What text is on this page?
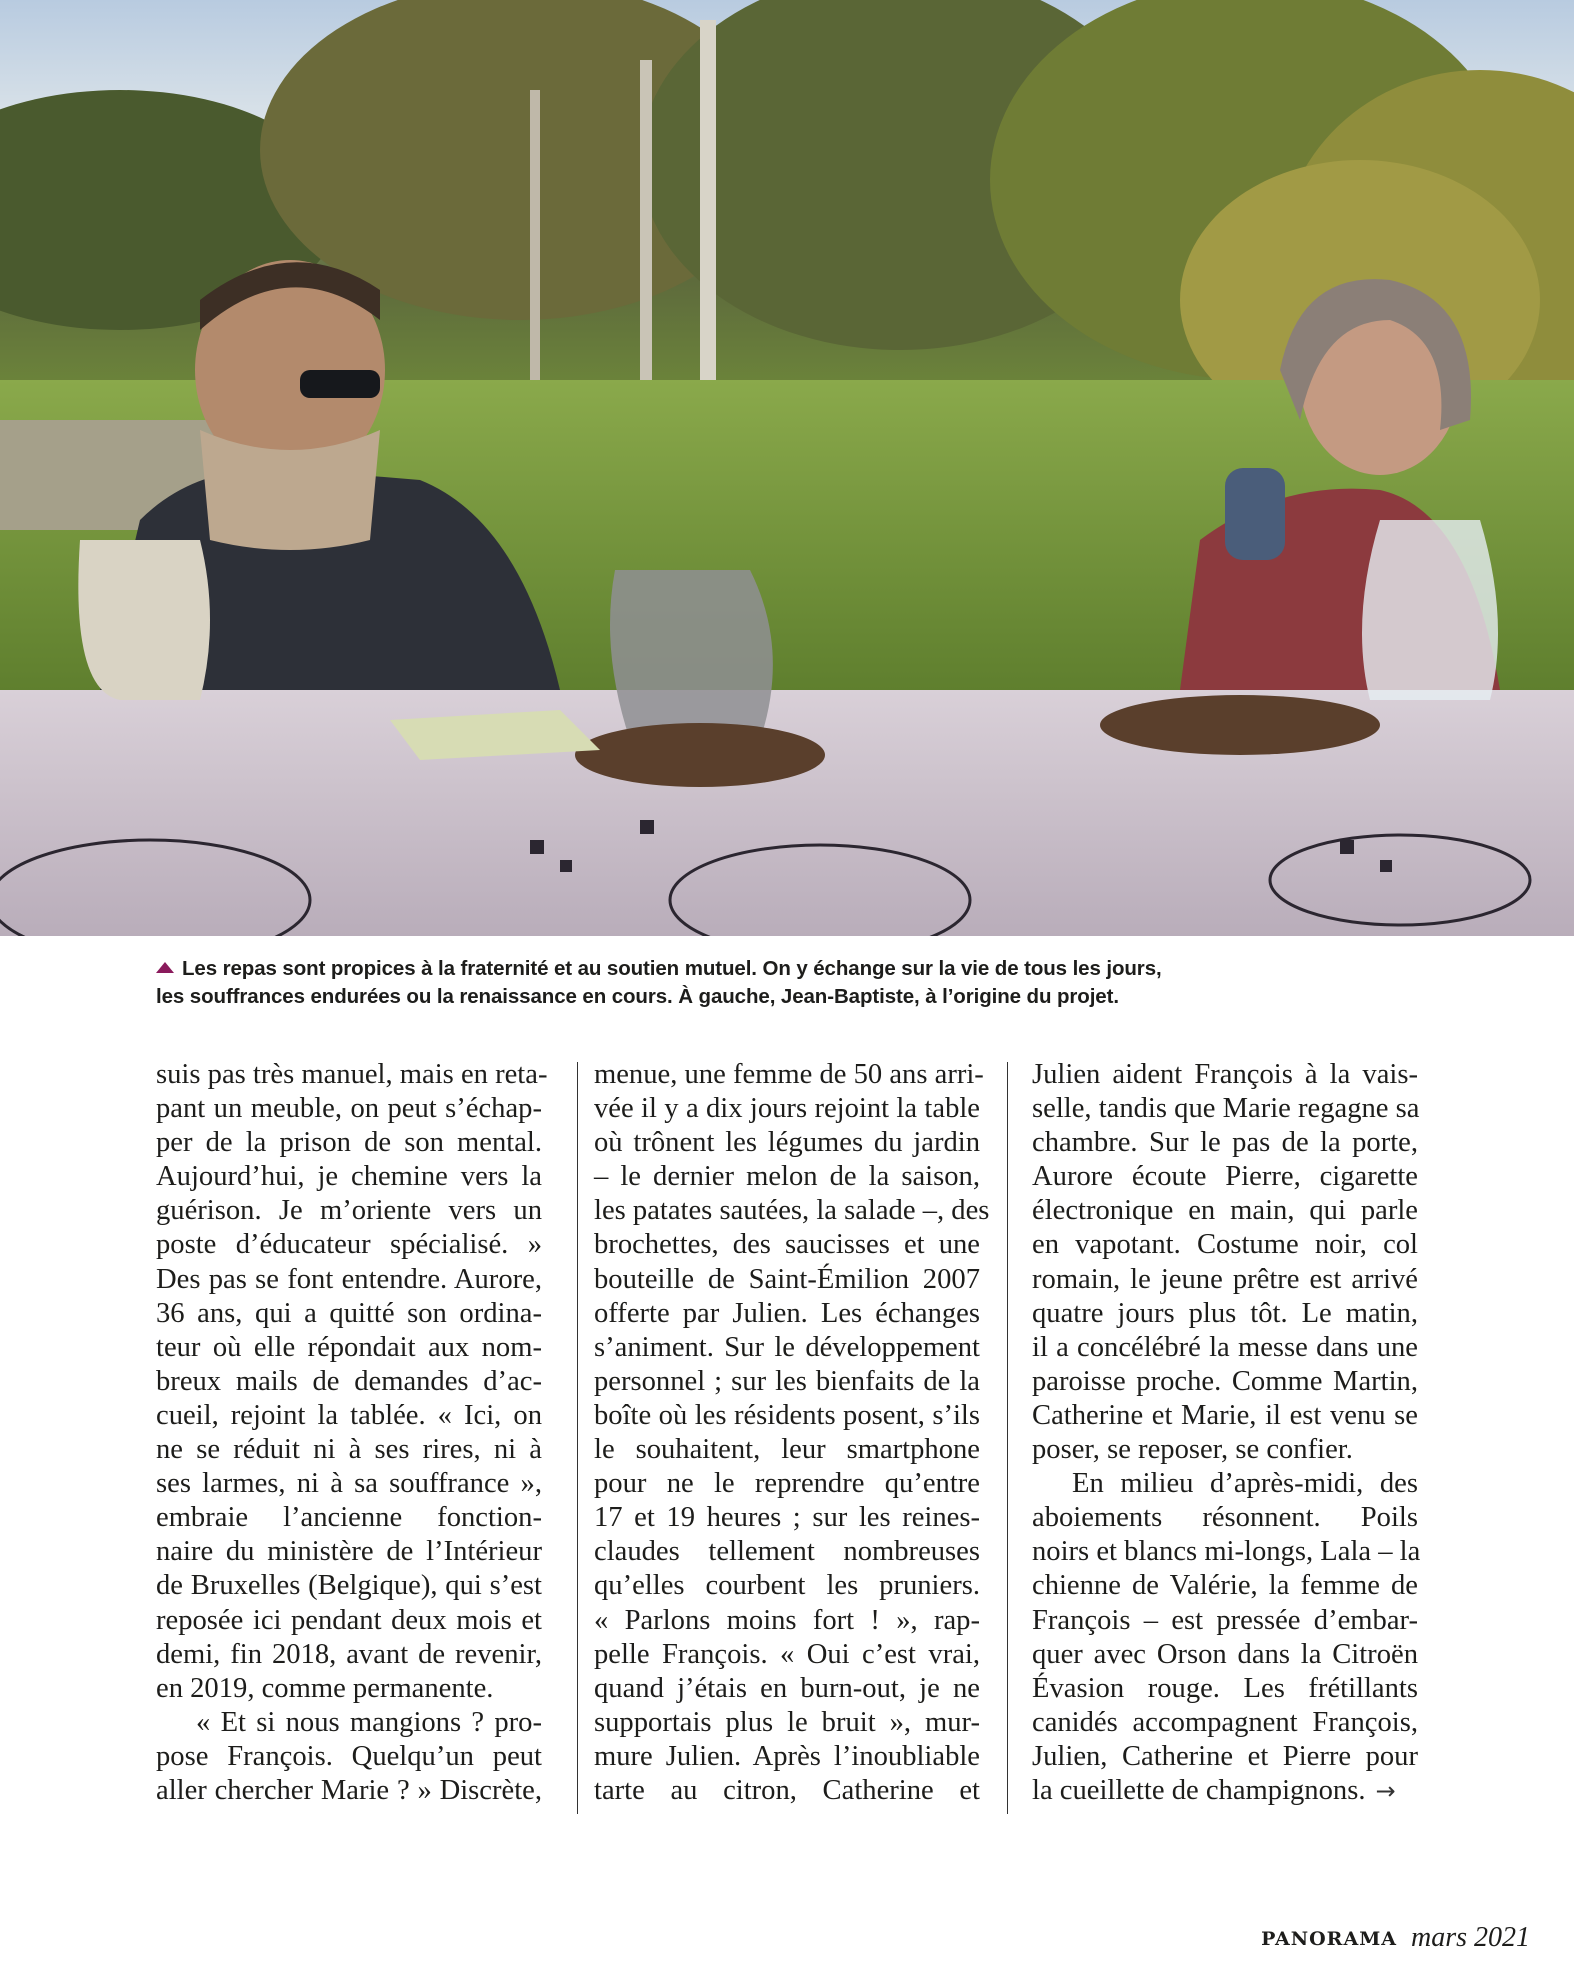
Les repas sont propices à la fraternité et au soutien mutuel. On y échange sur la vie de tous les jours,
les souffrances endurées ou la renaissance en cours. À gauche, Jean-Baptiste, à l’origine du projet.
suis pas très manuel, mais en reta-
pant un meuble, on peut s’échap-
per de la prison de son mental.
Aujourd’hui, je chemine vers la
guérison. Je m’oriente vers un
poste d’éducateur spécialisé. »
Des pas se font entendre. Aurore,
36 ans, qui a quitté son ordina-
teur où elle répondait aux nom-
breux mails de demandes d’ac-
cueil, rejoint la tablée. « Ici, on
ne se réduit ni à ses rires, ni à
ses larmes, ni à sa souffrance »,
embraie l’ancienne fonction-
naire du ministère de l’Intérieur
de Bruxelles (Belgique), qui s’est
reposée ici pendant deux mois et
demi, fin 2018, avant de revenir,
en 2019, comme permanente.
« Et si nous mangions ? pro-
pose François. Quelqu’un peut
aller chercher Marie ? » Discrète,
menue, une femme de 50 ans arri-
vée il y a dix jours rejoint la table
où trônent les légumes du jardin
– le dernier melon de la saison,
les patates sautées, la salade –, des
brochettes, des saucisses et une
bouteille de Saint-Émilion 2007
offerte par Julien. Les échanges
s’animent. Sur le développement
personnel ; sur les bienfaits de la
boîte où les résidents posent, s’ils
le souhaitent, leur smartphone
pour ne le reprendre qu’entre
17 et 19 heures ; sur les reines-
claudes tellement nombreuses
qu’elles courbent les pruniers.
« Parlons moins fort ! », rap-
pelle François. « Oui c’est vrai,
quand j’étais en burn-out, je ne
supportais plus le bruit », mur-
mure Julien. Après l’inoubliable
tarte au citron, Catherine et
Julien aident François à la vais-
selle, tandis que Marie regagne sa
chambre. Sur le pas de la porte,
Aurore écoute Pierre, cigarette
électronique en main, qui parle
en vapotant. Costume noir, col
romain, le jeune prêtre est arrivé
quatre jours plus tôt. Le matin,
il a concélébré la messe dans une
paroisse proche. Comme Martin,
Catherine et Marie, il est venu se
poser, se reposer, se confier.
En milieu d’après-midi, des
aboiements résonnent. Poils
noirs et blancs mi-longs, Lala – la
chienne de Valérie, la femme de
François – est pressée d’embar-
quer avec Orson dans la Citroën
Évasion rouge. Les frétillants
canidés accompagnent François,
Julien, Catherine et Pierre pour
la cueillette de champignons. →
PANORAMA mars 2021
